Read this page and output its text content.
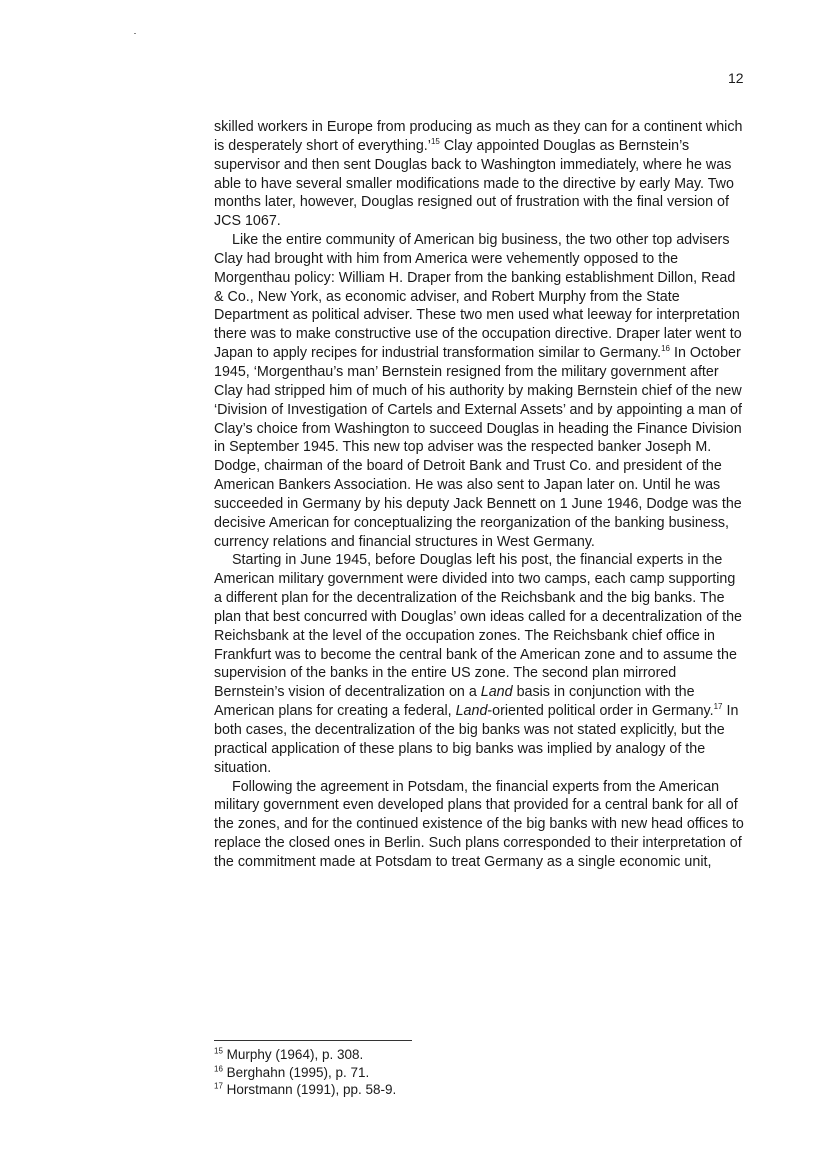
12

skilled workers in Europe from producing as much as they can for a continent which is desperately short of everything.’$^{15}$ Clay appointed Douglas as Bernstein’s supervisor and then sent Douglas back to Washington immediately, where he was able to have several smaller modifications made to the directive by early May. Two months later, however, Douglas resigned out of frustration with the final version of JCS 1067.

Like the entire community of American big business, the two other top advisers Clay had brought with him from America were vehemently opposed to the Morgenthau policy: William H. Draper from the banking establishment Dillon, Read & Co., New York, as economic adviser, and Robert Murphy from the State Department as political adviser. These two men used what leeway for interpretation there was to make constructive use of the occupation directive. Draper later went to Japan to apply recipes for industrial transformation similar to Germany.$^{16}$ In October 1945, ‘Morgenthau’s man’ Bernstein resigned from the military government after Clay had stripped him of much of his authority by making Bernstein chief of the new ‘Division of Investigation of Cartels and External Assets’ and by appointing a man of Clay’s choice from Washington to succeed Douglas in heading the Finance Division in September 1945. This new top adviser was the respected banker Joseph M. Dodge, chairman of the board of Detroit Bank and Trust Co. and president of the American Bankers Association. He was also sent to Japan later on. Until he was succeeded in Germany by his deputy Jack Bennett on 1 June 1946, Dodge was the decisive American for conceptualizing the reorganization of the banking business, currency relations and financial structures in West Germany.

Starting in June 1945, before Douglas left his post, the financial experts in the American military government were divided into two camps, each camp supporting a different plan for the decentralization of the Reichsbank and the big banks. The plan that best concurred with Douglas’ own ideas called for a decentralization of the Reichsbank at the level of the occupation zones. The Reichsbank chief office in Frankfurt was to become the central bank of the American zone and to assume the supervision of the banks in the entire US zone. The second plan mirrored Bernstein’s vision of decentralization on a Land basis in conjunction with the American plans for creating a federal, Land-oriented political order in Germany.$^{17}$ In both cases, the decentralization of the big banks was not stated explicitly, but the practical application of these plans to big banks was implied by analogy of the situation.

Following the agreement in Potsdam, the financial experts from the American military government even developed plans that provided for a central bank for all of the zones, and for the continued existence of the big banks with new head offices to replace the closed ones in Berlin. Such plans corresponded to their interpretation of the commitment made at Potsdam to treat Germany as a single economic unit,

$^{15}$ Murphy (1964), p. 308.
$^{16}$ Berghahn (1995), p. 71.
$^{17}$ Horstmann (1991), pp. 58-9.
